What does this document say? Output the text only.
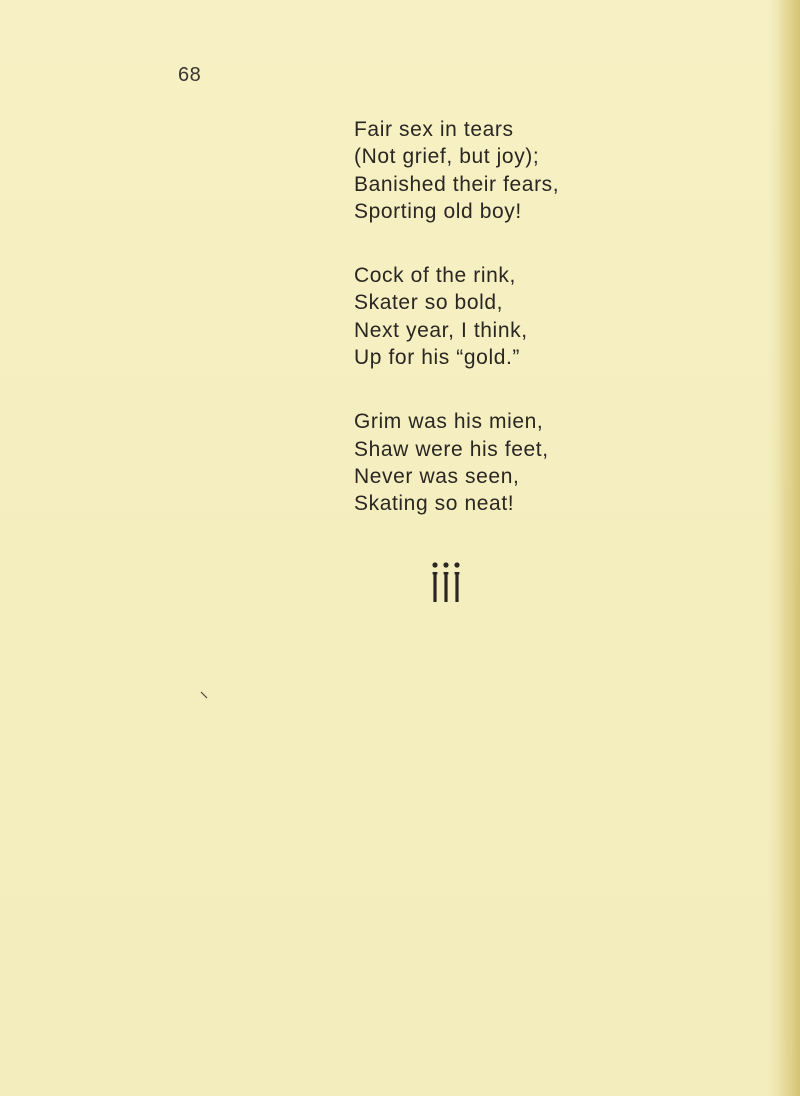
68
Fair sex in tears
(Not grief, but joy);
Banished their fears,
Sporting old boy!
Cock of the rink,
Skater so bold,
Next year, I think,
Up for his “gold.”
Grim was his mien,
Shaw were his feet,
Never was seen,
Skating so neat!
